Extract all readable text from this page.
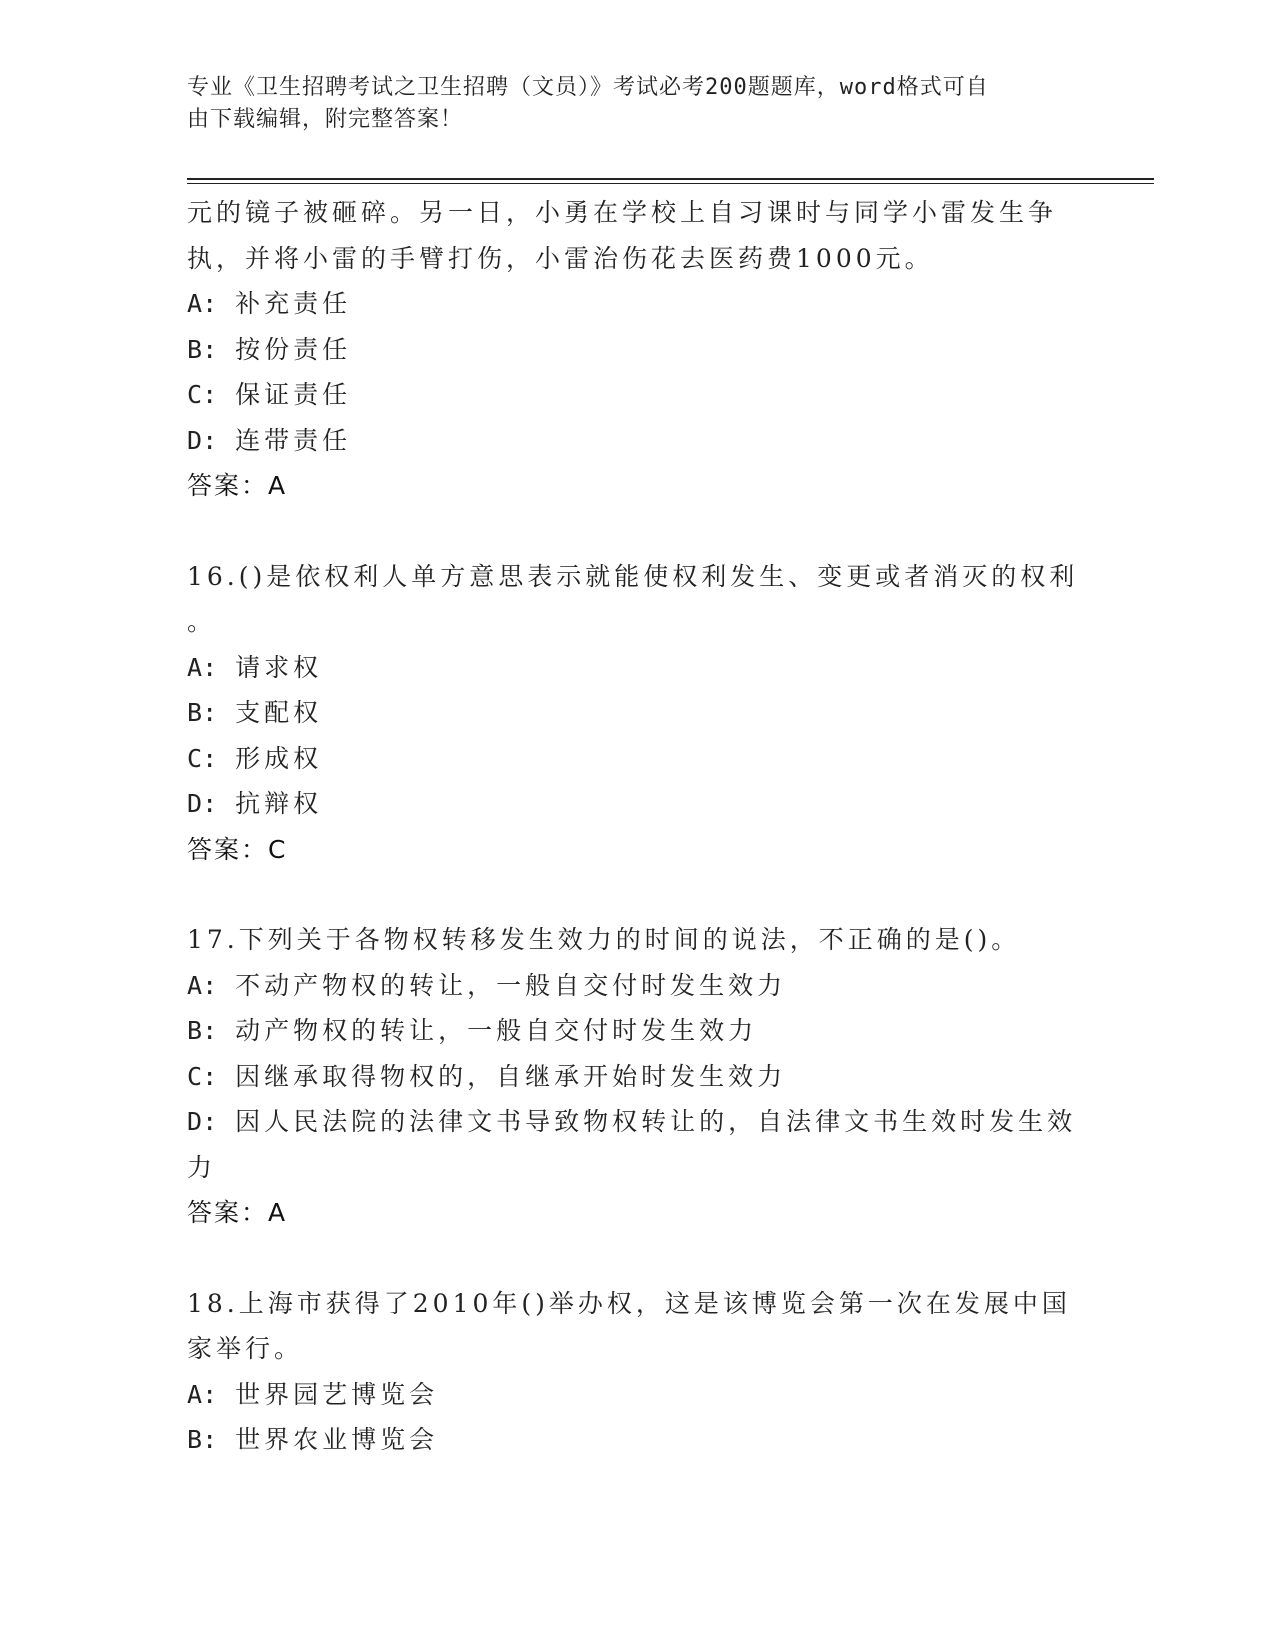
专业《卫生招聘考试之卫生招聘（文员）》考试必考200题题库，word格式可自
由下载编辑，附完整答案！
元的镜子被砸碎。另一日，小勇在学校上自习课时与同学小雷发生争
执，并将小雷的手臂打伤，小雷治伤花去医药费1000元。
A : 补充责任
B : 按份责任
C : 保证责任
D : 连带责任
答案：A
16.()是依权利人单方意思表示就能使权利发生、变更或者消灭的权利
。
A : 请求权
B : 支配权
C : 形成权
D : 抗辩权
答案：C
17.下列关于各物权转移发生效力的时间的说法，不正确的是()。
A : 不动产物权的转让，一般自交付时发生效力
B : 动产物权的转让，一般自交付时发生效力
C : 因继承取得物权的，自继承开始时发生效力
D : 因人民法院的法律文书导致物权转让的，自法律文书生效时发生效
力
答案：A
18.上海市获得了2010年()举办权，这是该博览会第一次在发展中国
家举行。
A : 世界园艺博览会
B : 世界农业博览会
